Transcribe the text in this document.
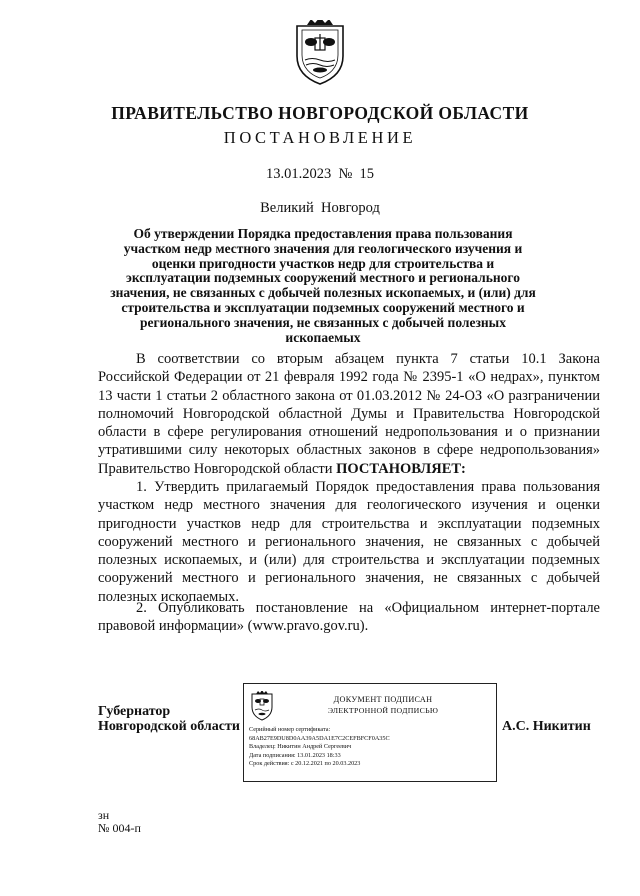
ПРАВИТЕЛЬСТВО НОВГОРОДСКОЙ ОБЛАСТИ
ПОСТАНОВЛЕНИЕ
13.01.2023  №  15
Великий  Новгород
Об утверждении Порядка предоставления права пользования участком недр местного значения для геологического изучения и оценки пригодности участков недр для строительства и эксплуатации подземных сооружений местного и регионального значения, не связанных с добычей полезных ископаемых, и (или) для строительства и эксплуатации подземных сооружений местного и регионального значения, не связанных с добычей полезных ископаемых
В соответствии со вторым абзацем пункта 7 статьи 10.1 Закона Российской Федерации от 21 февраля 1992 года № 2395-1 «О недрах», пунктом 13 части 1 статьи 2 областного закона от 01.03.2012 № 24-ОЗ «О разграничении полномочий Новгородской областной Думы и Правительства Новгородской области в сфере регулирования отношений недропользования и о признании утратившими силу некоторых областных законов в сфере недропользования» Правительство Новгородской области ПОСТАНОВЛЯЕТ:
1. Утвердить прилагаемый Порядок предоставления права пользования участком недр местного значения для геологического изучения и оценки пригодности участков недр для строительства и эксплуатации подземных сооружений местного и регионального значения, не связанных с добычей полезных ископаемых, и (или) для строительства и эксплуатации подземных сооружений местного и регионального значения, не связанных с добычей полезных ископаемых.
2. Опубликовать постановление на «Официальном интернет-портале правовой информации» (www.pravo.gov.ru).
Губернатор
Новгородской области
ДОКУМЕНТ ПОДПИСАН
ЭЛЕКТРОННОЙ ПОДПИСЬЮ
Серийный номер сертификата:
68AB27E9DU8D0AA39A5DA1E7C2CEFBFCF0A35C
Владелец: Никитин Андрей Сергеевич
Дата подписания: 13.01.2023 18:33
Срок действия: с 20.12.2021 по 20.03.2023
А.С. Никитин
зн
№ 004-п
